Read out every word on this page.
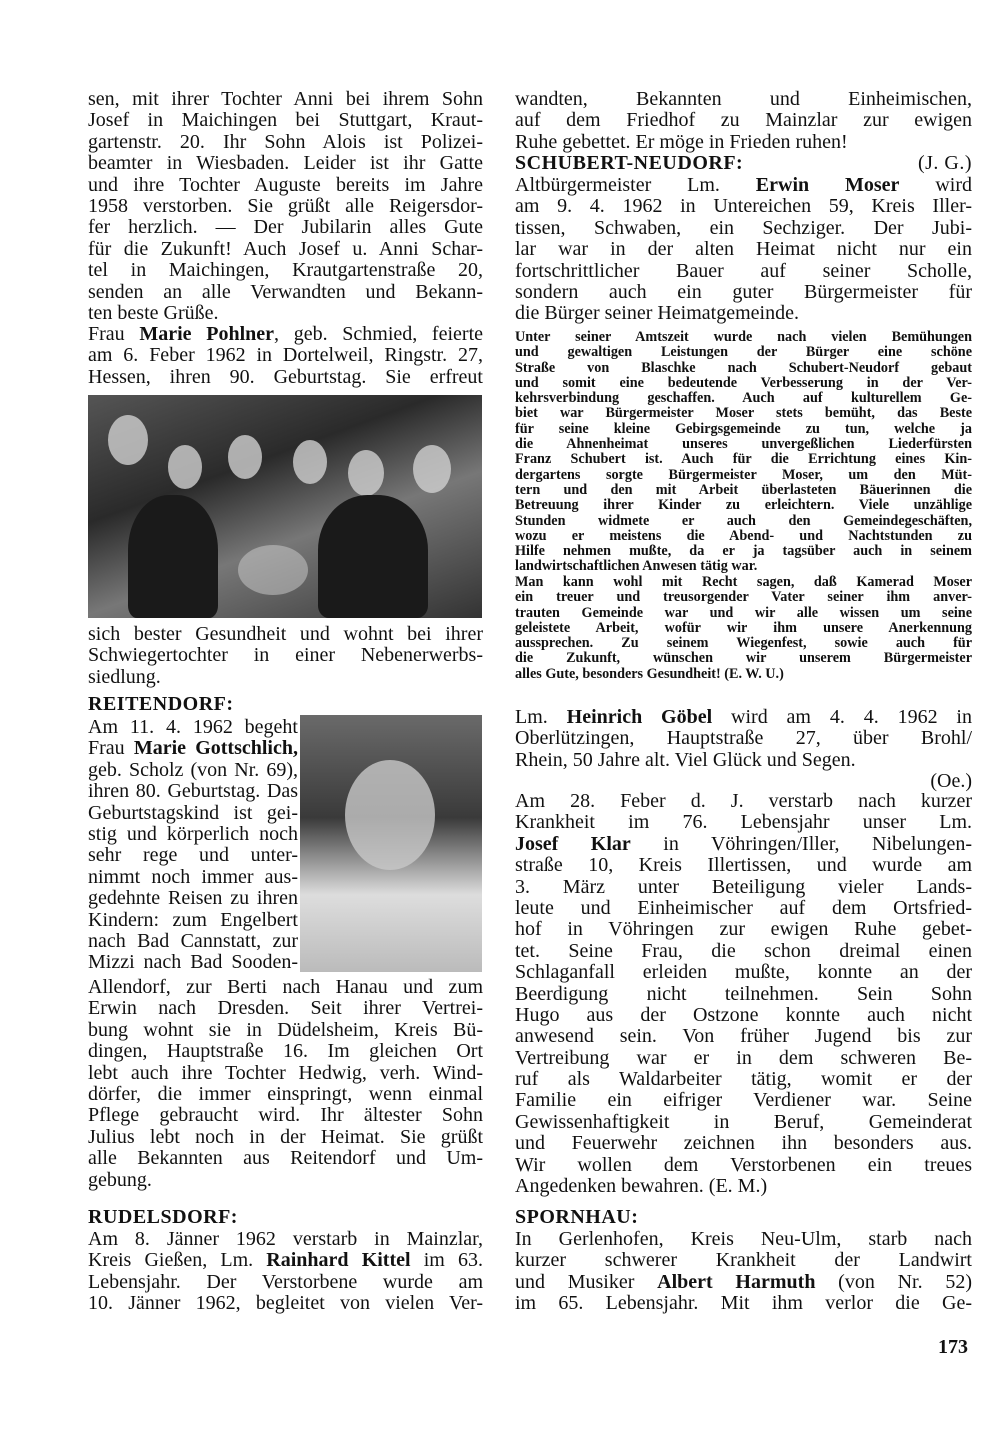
sen, mit ihrer Tochter Anni bei ihrem Sohn
Josef in Maichingen bei Stuttgart, Kraut-
gartenstr. 20. Ihr Sohn Alois ist Polizei-
beamter in Wiesbaden. Leider ist ihr Gatte
und ihre Tochter Auguste bereits im Jahre
1958 verstorben. Sie grüßt alle Reigersdor-
fer herzlich. — Der Jubilarin alles Gute
für die Zukunft! Auch Josef u. Anni Schar-
tel in Maichingen, Krautgartenstraße 20,
senden an alle Verwandten und Bekann-
ten beste Grüße.
Frau Marie Pohlner, geb. Schmied, feierte
am 6. Feber 1962 in Dortelweil, Ringstr. 27,
Hessen, ihren 90. Geburtstag. Sie erfreut
sich bester Gesundheit und wohnt bei ihrer
Schwiegertochter in einer Nebenerwerbs-
siedlung.
REITENDORF:
Am 11. 4. 1962 begeht
Frau Marie Gottschlich,
geb. Scholz (von Nr. 69),
ihren 80. Geburtstag. Das
Geburtstagskind ist gei-
stig und körperlich noch
sehr rege und unter-
nimmt noch immer aus-
gedehnte Reisen zu ihren
Kindern: zum Engelbert
nach Bad Cannstatt, zur
Mizzi nach Bad Sooden-
Allendorf, zur Berti nach Hanau und zum
Erwin nach Dresden. Seit ihrer Vertrei-
bung wohnt sie in Düdelsheim, Kreis Bü-
dingen, Hauptstraße 16. Im gleichen Ort
lebt auch ihre Tochter Hedwig, verh. Wind-
dörfer, die immer einspringt, wenn einmal
Pflege gebraucht wird. Ihr ältester Sohn
Julius lebt noch in der Heimat. Sie grüßt
alle Bekannten aus Reitendorf und Um-
gebung.
RUDELSDORF:
Am 8. Jänner 1962 verstarb in Mainzlar,
Kreis Gießen, Lm. Rainhard Kittel im 63.
Lebensjahr. Der Verstorbene wurde am
10. Jänner 1962, begleitet von vielen Ver-
wandten, Bekannten und Einheimischen,
auf dem Friedhof zu Mainzlar zur ewigen
Ruhe gebettet. Er möge in Frieden ruhen!
SCHUBERT-NEUDORF:	(J. G.)
Altbürgermeister Lm. Erwin Moser wird
am 9. 4. 1962 in Untereichen 59, Kreis Iller-
tissen, Schwaben, ein Sechziger. Der Jubi-
lar war in der alten Heimat nicht nur ein
fortschrittlicher Bauer auf seiner Scholle,
sondern auch ein guter Bürgermeister für
die Bürger seiner Heimatgemeinde.
Unter seiner Amtszeit wurde nach vielen Bemühungen
und gewaltigen Leistungen der Bürger eine schöne
Straße von Blaschke nach Schubert-Neudorf gebaut
und somit eine bedeutende Verbesserung in der Ver-
kehrsverbindung geschaffen. Auch auf kulturellem Ge-
biet war Bürgermeister Moser stets bemüht, das Beste
für seine kleine Gebirgsgemeinde zu tun, welche ja
die Ahnenheimat unseres unvergeßlichen Liederfürsten
Franz Schubert ist. Auch für die Errichtung eines Kin-
dergartens sorgte Bürgermeister Moser, um den Müt-
tern und den mit Arbeit überlasteten Bäuerinnen die
Betreuung ihrer Kinder zu erleichtern. Viele unzählige
Stunden widmete er auch den Gemeindegeschäften,
wozu er meistens die Abend- und Nachtstunden zu
Hilfe nehmen mußte, da er ja tagsüber auch in seinem
landwirtschaftlichen Anwesen tätig war.
Man kann wohl mit Recht sagen, daß Kamerad Moser
ein treuer und treusorgender Vater seiner ihm anver-
trauten Gemeinde war und wir alle wissen um seine
geleistete Arbeit, wofür wir ihm unsere Anerkennung
aussprechen. Zu seinem Wiegenfest, sowie auch für
die Zukunft, wünschen wir unserem Bürgermeister
alles Gute, besonders Gesundheit! (E. W. U.)
Lm. Heinrich Göbel wird am 4. 4. 1962 in
Oberlützingen, Hauptstraße 27, über Brohl/
Rhein, 50 Jahre alt. Viel Glück und Segen.
(Oe.)
Am 28. Feber d. J. verstarb nach kurzer
Krankheit im 76. Lebensjahr unser Lm.
Josef Klar in Vöhringen/Iller, Nibelungen-
straße 10, Kreis Illertissen, und wurde am
3. März unter Beteiligung vieler Lands-
leute und Einheimischer auf dem Ortsfried-
hof in Vöhringen zur ewigen Ruhe gebet-
tet. Seine Frau, die schon dreimal einen
Schlaganfall erleiden mußte, konnte an der
Beerdigung nicht teilnehmen. Sein Sohn
Hugo aus der Ostzone konnte auch nicht
anwesend sein. Von früher Jugend bis zur
Vertreibung war er in dem schweren Be-
ruf als Waldarbeiter tätig, womit er der
Familie ein eifriger Verdiener war. Seine
Gewissenhaftigkeit in Beruf, Gemeinderat
und Feuerwehr zeichnen ihn besonders aus.
Wir wollen dem Verstorbenen ein treues
Angedenken bewahren. (E. M.)
SPORNHAU:
In Gerlenhofen, Kreis Neu-Ulm, starb nach
kurzer schwerer Krankheit der Landwirt
und Musiker Albert Harmuth (von Nr. 52)
im 65. Lebensjahr. Mit ihm verlor die Ge-
173
